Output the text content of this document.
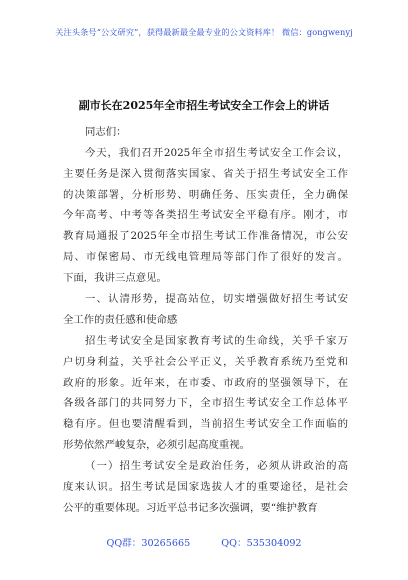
关注头条号“公文研究”，获得最新最全最专业的公文资料库！ 微信：gongwenyj
副市长在2025年全市招生考试安全工作会上的讲话
同志们：
今天，我们召开2025年全市招生考试安全工作会议，
主要任务是深入贯彻落实国家、省关于招生考试安全工作
的决策部署，分析形势、明确任务、压实责任，全力确保
今年高考、中考等各类招生考试安全平稳有序。刚才，市
教育局通报了2025年全市招生考试工作准备情况，市公安
局、市保密局、市无线电管理局等部门作了很好的发言。
下面，我讲三点意见。
一、认清形势，提高站位，切实增强做好招生考试安
全工作的责任感和使命感
招生考试安全是国家教育考试的生命线，关乎千家万
户切身利益，关乎社会公平正义，关乎教育系统乃至党和
政府的形象。近年来，在市委、市政府的坚强领导下，在
各级各部门的共同努力下，全市招生考试安全工作总体平
稳有序。但也要清醒看到，当前招生考试安全工作面临的
形势依然严峻复杂，必须引起高度重视。
（一）招生考试安全是政治任务，必须从讲政治的高
度来认识。招生考试是国家选拔人才的重要途径，是社会
公平的重要体现。习近平总书记多次强调，要“维护教育
QQ群：30265665	QQ：535304092
